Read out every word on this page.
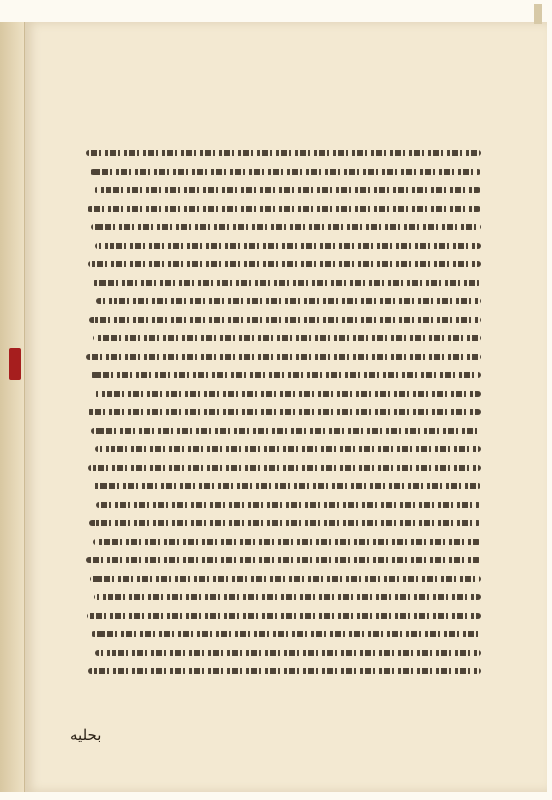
بحلیه
